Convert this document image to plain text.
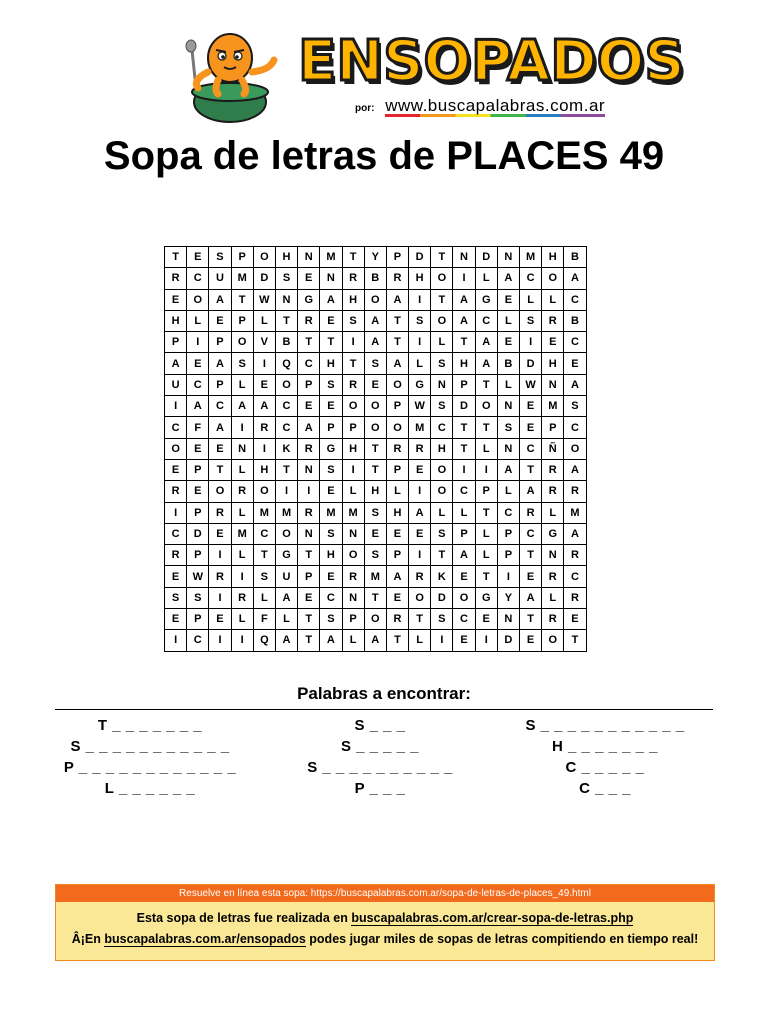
ENSOPADOS
por: www.buscapalabras.com.ar
Sopa de letras de PLACES 49
T	E	S	P	O	H	N	M	T	Y	P	D	T	N	D	N	M	H	B
R	C	U	M	D	S	E	N	R	B	R	H	O	I	L	A	C	O	A
E	O	A	T	W	N	G	A	H	O	A	I	T	A	G	E	L	L	C
H	L	E	P	L	T	R	E	S	A	T	S	O	A	C	L	S	R	B
P	I	P	O	V	B	T	T	I	A	T	I	L	T	A	E	I	E	C
A	E	A	S	I	Q	C	H	T	S	A	L	S	H	A	B	D	H	E
U	C	P	L	E	O	P	S	R	E	O	G	N	P	T	L	W	N	A
I	A	C	A	A	C	E	E	O	O	P	W	S	D	O	N	E	M	S
C	F	A	I	R	C	A	P	P	O	O	M	C	T	T	S	E	P	C
O	E	E	N	I	K	R	G	H	T	R	R	H	T	L	N	C	Ñ	O
E	P	T	L	H	T	N	S	I	T	P	E	O	I	I	A	T	R	A
R	E	O	R	O	I	I	E	L	H	L	I	O	C	P	L	A	R	R
I	P	R	L	M	M	R	M	M	S	H	A	L	L	T	C	R	L	M
C	D	E	M	C	O	N	S	N	E	E	E	S	P	L	P	C	G	A
R	P	I	L	T	G	T	H	O	S	P	I	T	A	L	P	T	N	R
E	W	R	I	S	U	P	E	R	M	A	R	K	E	T	I	E	R	C
S	S	I	R	L	A	E	C	N	T	E	O	D	O	G	Y	A	L	R
E	P	E	L	F	L	T	S	P	O	R	T	S	C	E	N	T	R	E
I	C	I	I	Q	A	T	A	L	A	T	L	I	E	I	D	E	O	T
Palabras a encontrar:
T _ _ _ _ _ _ _	S _ _ _	S _ _ _ _ _ _ _ _ _ _ _
S _ _ _ _ _ _ _ _ _ _ _	S _ _ _ _ _	H _ _ _ _ _ _ _
P _ _ _ _ _ _ _ _ _ _ _ _	S _ _ _ _ _ _ _ _ _ _	C _ _ _ _ _
L _ _ _ _ _ _	P _ _ _	C _ _ _
Resuelve en línea esta sopa: https://buscapalabras.com.ar/sopa-de-letras-de-places_49.html
Esta sopa de letras fue realizada en buscapalabras.com.ar/crear-sopa-de-letras.php
Â¡En buscapalabras.com.ar/ensopados podes jugar miles de sopas de letras compitiendo en tiempo real!
